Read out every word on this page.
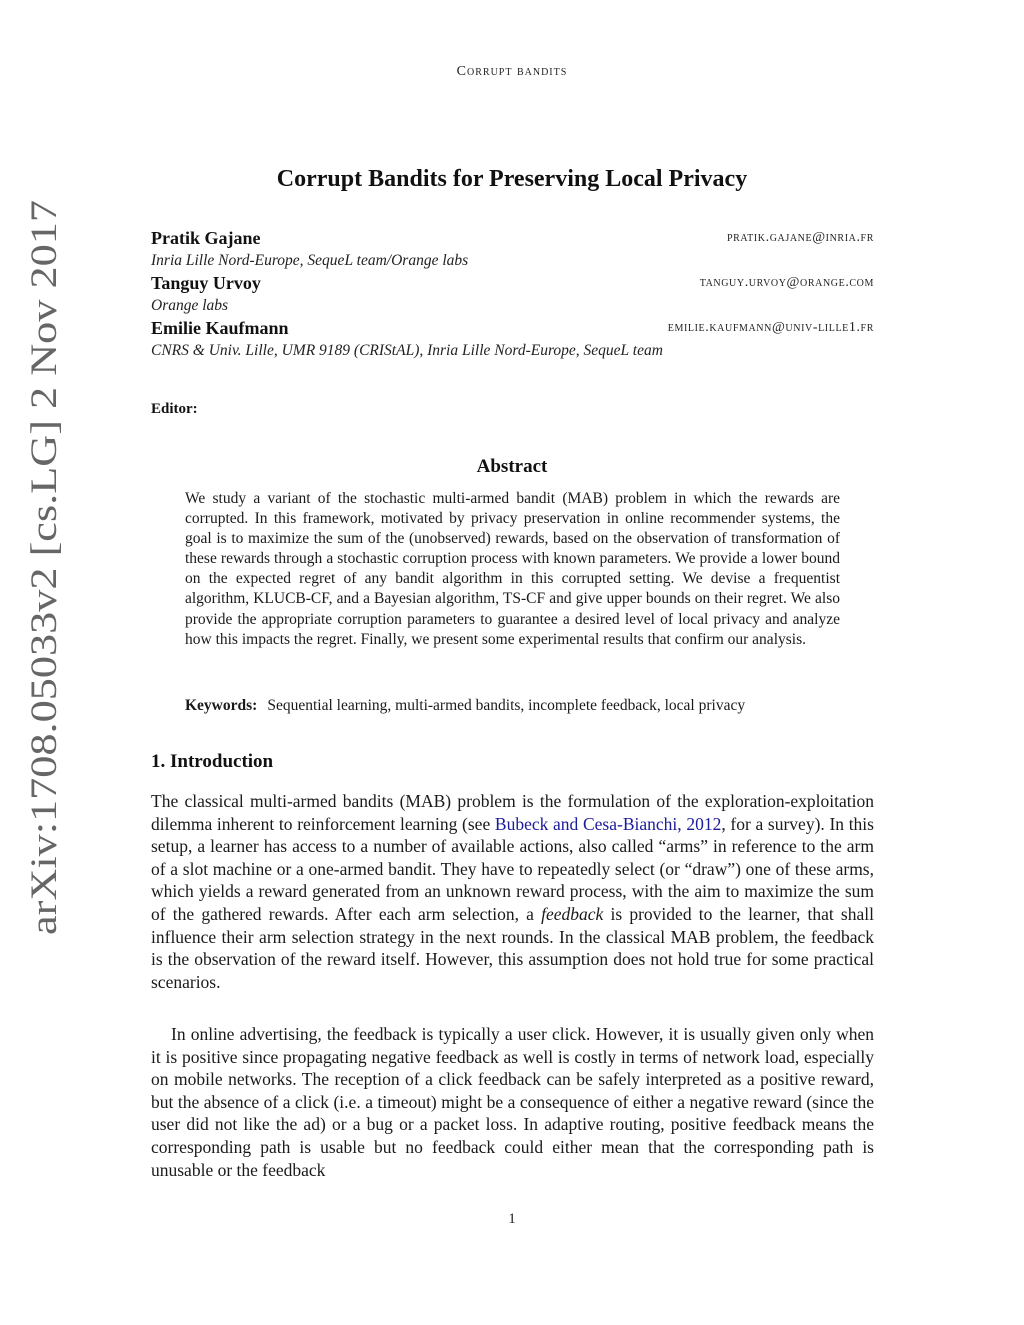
arXiv:1708.05033v2 [cs.LG] 2 Nov 2017
Corrupt bandits
Corrupt Bandits for Preserving Local Privacy
Pratik Gajane	pratik.gajane@inria.fr
Inria Lille Nord-Europe, SequeL team/Orange labs
Tanguy Urvoy	tanguy.urvoy@orange.com
Orange labs
Emilie Kaufmann	emilie.kaufmann@univ-lille1.fr
CNRS & Univ. Lille, UMR 9189 (CRIStAL), Inria Lille Nord-Europe, SequeL team
Editor:
Abstract

We study a variant of the stochastic multi-armed bandit (MAB) problem in which the rewards are corrupted. In this framework, motivated by privacy preservation in online recommender systems, the goal is to maximize the sum of the (unobserved) rewards, based on the observation of transformation of these rewards through a stochastic corruption process with known parameters. We provide a lower bound on the expected regret of any bandit algorithm in this corrupted setting. We devise a frequentist algorithm, KLUCB-CF, and a Bayesian algorithm, TS-CF and give upper bounds on their regret. We also provide the appropriate corruption parameters to guarantee a desired level of local privacy and analyze how this impacts the regret. Finally, we present some experimental results that confirm our analysis.

Keywords: Sequential learning, multi-armed bandits, incomplete feedback, local privacy
1. Introduction

The classical multi-armed bandits (MAB) problem is the formulation of the exploration-exploitation dilemma inherent to reinforcement learning (see Bubeck and Cesa-Bianchi, 2012, for a survey). In this setup, a learner has access to a number of available actions, also called “arms” in reference to the arm of a slot machine or a one-armed bandit. They have to repeatedly select (or “draw”) one of these arms, which yields a reward generated from an unknown reward process, with the aim to maximize the sum of the gathered rewards. After each arm selection, a feedback is provided to the learner, that shall influence their arm selection strategy in the next rounds. In the classical MAB problem, the feedback is the observation of the reward itself. However, this assumption does not hold true for some practical scenarios.

In online advertising, the feedback is typically a user click. However, it is usually given only when it is positive since propagating negative feedback as well is costly in terms of network load, especially on mobile networks. The reception of a click feedback can be safely interpreted as a positive reward, but the absence of a click (i.e. a timeout) might be a consequence of either a negative reward (since the user did not like the ad) or a bug or a packet loss. In adaptive routing, positive feedback means the corresponding path is usable but no feedback could either mean that the corresponding path is unusable or the feedback

1
